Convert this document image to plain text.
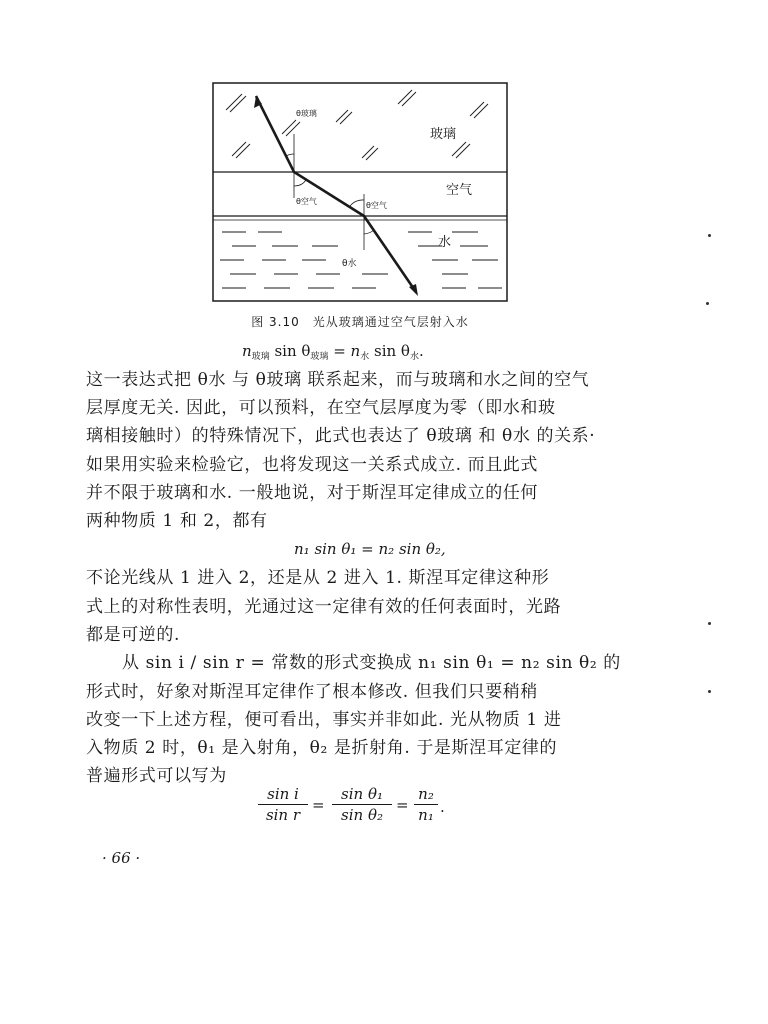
θ玻璃
玻璃
空气
θ空气	θ空气
水
θ水
图 3.10　光从玻璃通过空气层射入水
$n_{玻璃}$ $\sin \theta_{玻璃} = n_水$ $\sin \theta_水$.
这一表达式把 θ水 与 θ玻璃 联系起来，而与玻璃和水之间的空气
层厚度无关. 因此，可以预料，在空气层厚度为零（即水和玻
璃相接触时）的特殊情况下，此式也表达了 θ玻璃 和 θ水 的关系·
如果用实验来检验它，也将发现这一关系式成立. 而且此式
并不限于玻璃和水. 一般地说，对于斯涅耳定律成立的任何
两种物质 1 和 2，都有
n₁ sin θ₁ = n₂ sin θ₂,
不论光线从 1 进入 2，还是从 2 进入 1. 斯涅耳定律这种形
式上的对称性表明，光通过这一定律有效的任何表面时，光路
都是可逆的.
从 sin i / sin r = 常数的形式变换成 n₁ sin θ₁ = n₂ sin θ₂ 的
形式时，好象对斯涅耳定律作了根本修改. 但我们只要稍稍
改变一下上述方程，便可看出，事实并非如此. 光从物质 1 进
入物质 2 时，θ₁ 是入射角，θ₂ 是折射角. 于是斯涅耳定律的
普遍形式可以写为
$\frac{\text{sin i}}{\text{sin r}} = \frac{\text{sin θ₁}}{\text{sin θ₂}} = \frac{\text{n₂}}{\text{n₁}}$ .
· 66 ·
